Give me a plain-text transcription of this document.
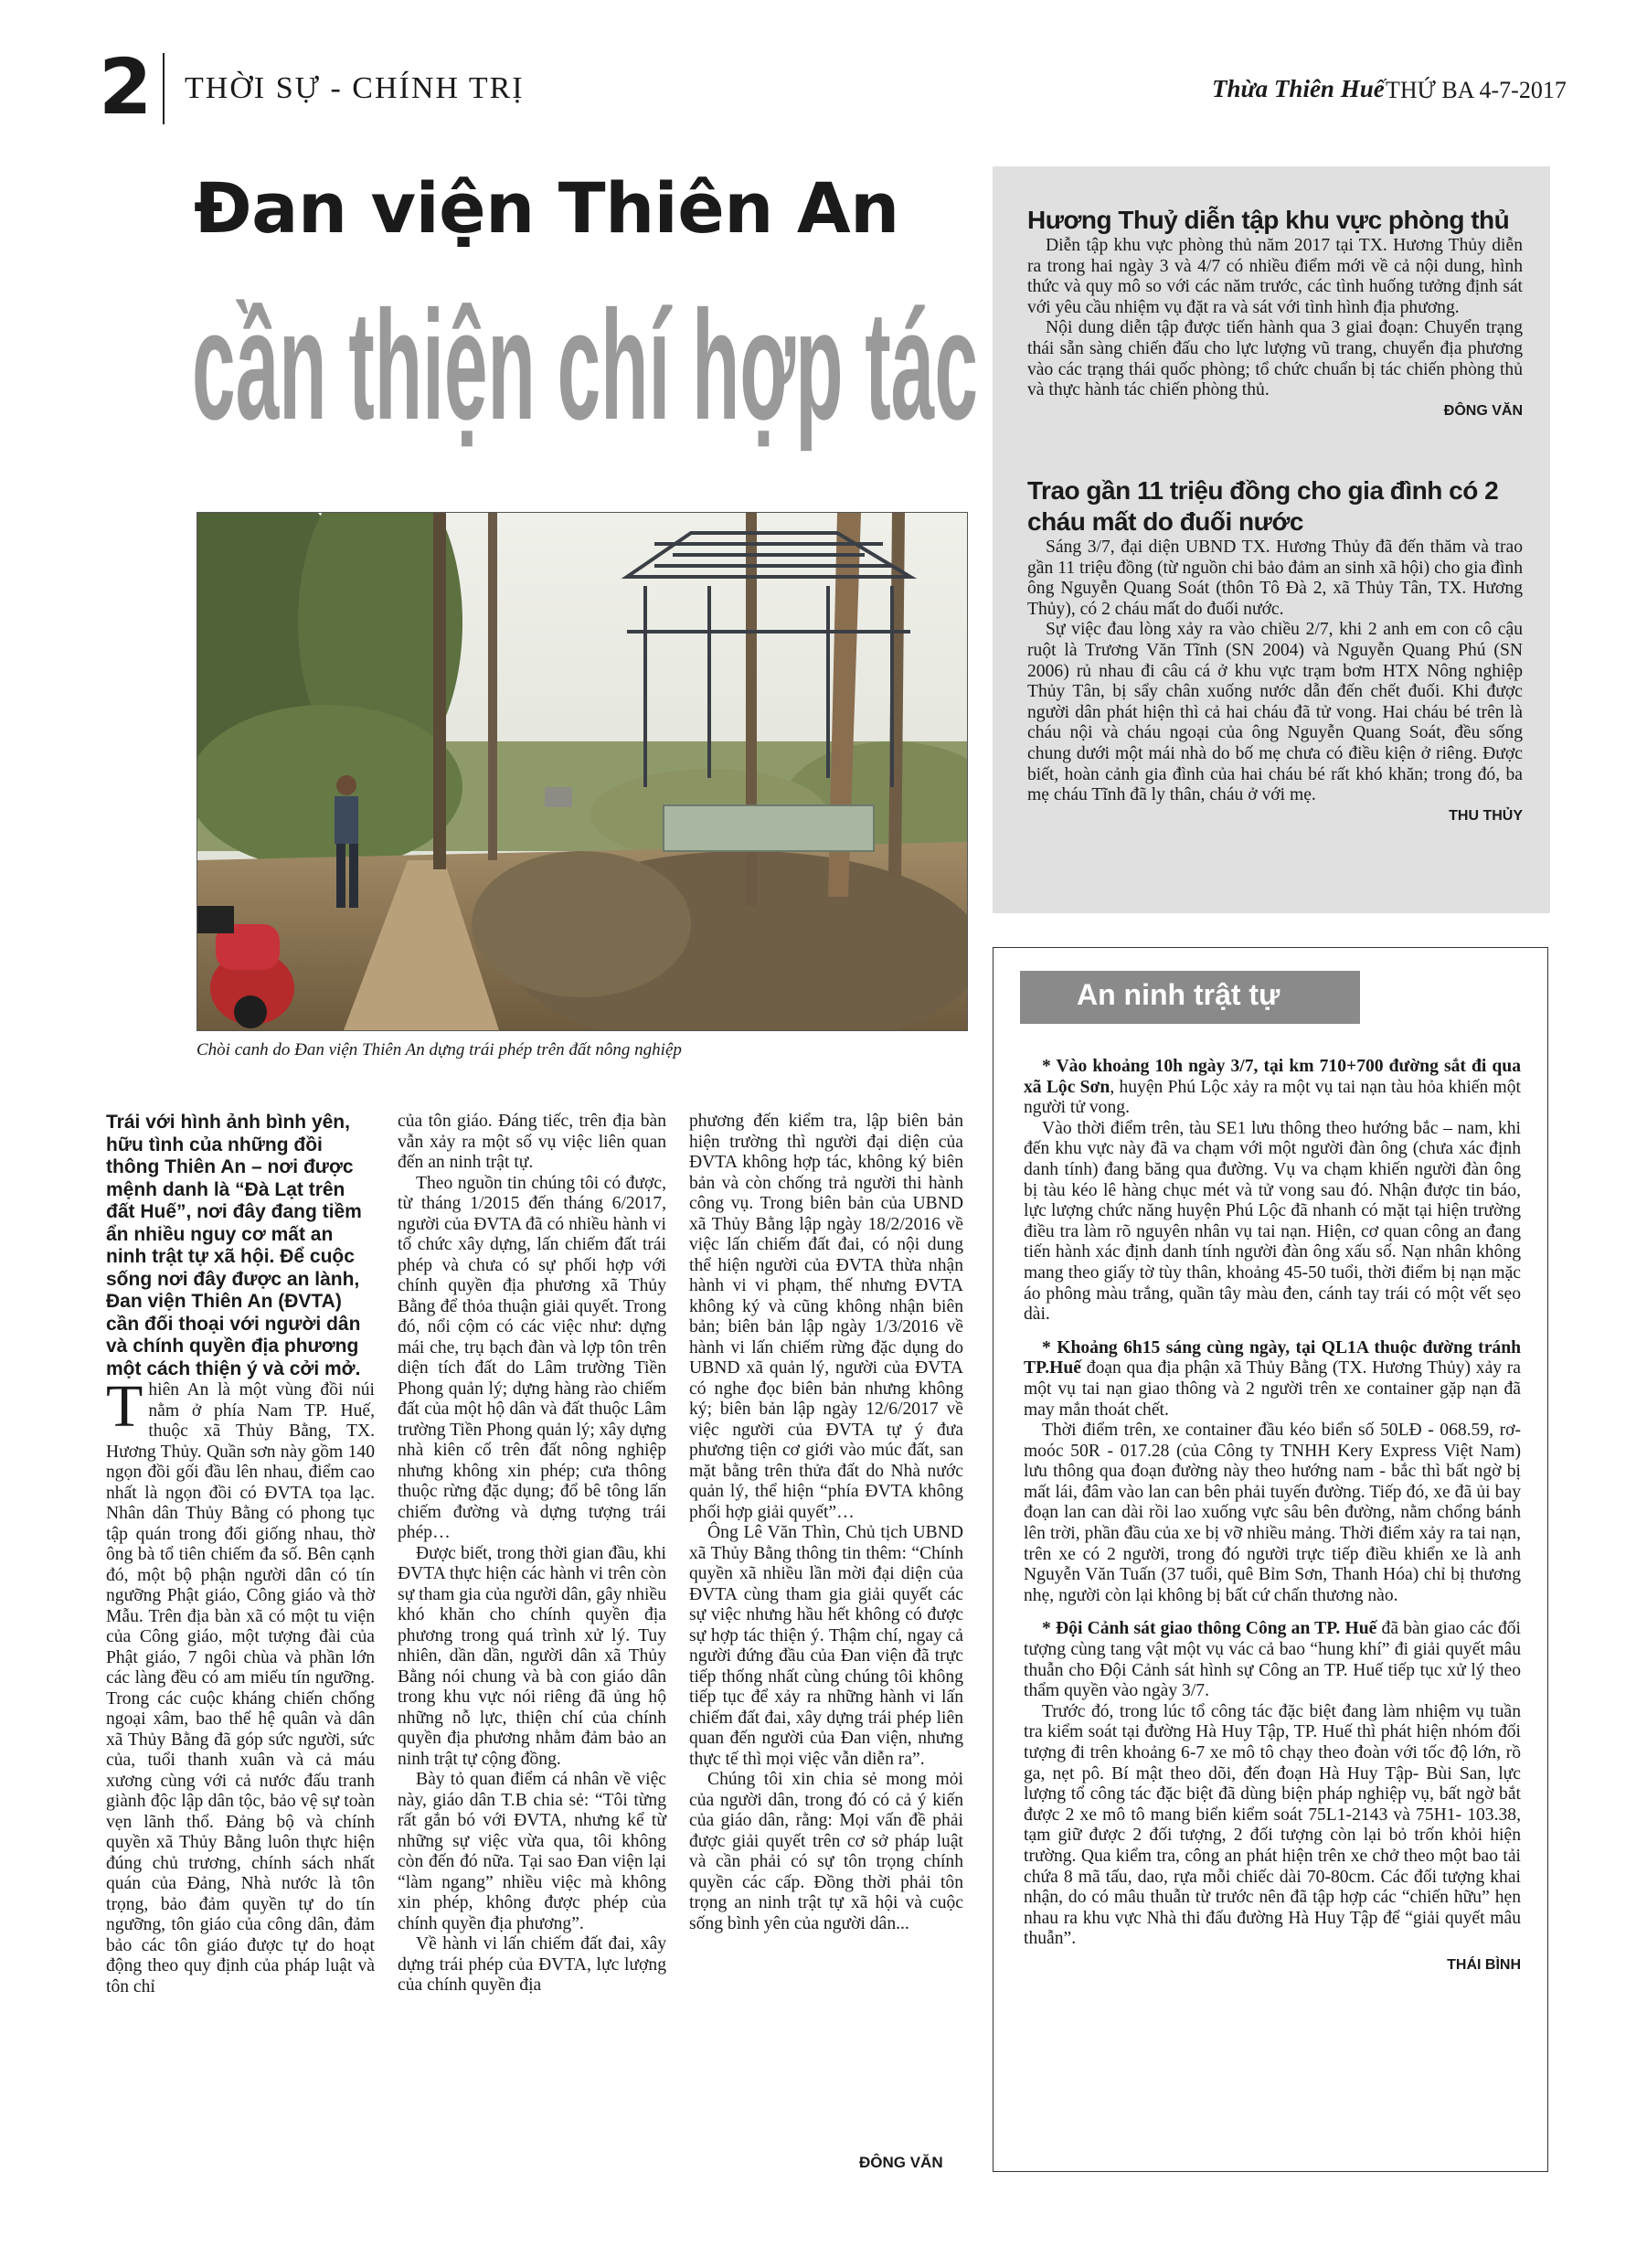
2 THỜI SỰ - CHÍNH TRỊ	Thừa Thiên Huế THỨ BA 4-7-2017
Đan viện Thiên An
cần thiện chí hợp tác
Chòi canh do Đan viện Thiên An dựng trái phép trên đất nông nghiệp

Trái với hình ảnh bình yên, hữu tình của những đồi thông Thiên An – nơi được mệnh danh là “Đà Lạt trên đất Huế”, nơi đây đang tiềm ẩn nhiều nguy cơ mất an ninh trật tự xã hội. Để cuộc sống nơi đây được an lành, Đan viện Thiên An (ĐVTA) cần đối thoại với người dân và chính quyền địa phương một cách thiện ý và cởi mở.

Thiên An là một vùng đồi núi nằm ở phía Nam TP. Huế, thuộc xã Thủy Bằng, TX. Hương Thủy. Quần sơn này gồm 140 ngọn đồi gối đầu lên nhau, điểm cao nhất là ngọn đồi có ĐVTA tọa lạc. Nhân dân Thủy Bằng có phong tục tập quán trong đối giống nhau, thờ ông bà tổ tiên chiếm đa số. Bên cạnh đó, một bộ phận người dân có tín ngưỡng Phật giáo, Công giáo và thờ Mẫu. Trên địa bàn xã có một tu viện của Công giáo, một tượng đài của Phật giáo, 7 ngôi chùa và phần lớn các làng đều có am miếu tín ngưỡng. Trong các cuộc kháng chiến chống ngoại xâm, bao thế hệ quân và dân xã Thủy Bằng đã góp sức người, sức của, tuổi thanh xuân và cả máu xương cùng với cả nước đấu tranh giành độc lập dân tộc, bảo vệ sự toàn vẹn lãnh thổ. Đảng bộ và chính quyền xã Thủy Bằng luôn thực hiện đúng chủ trương, chính sách nhất quán của Đảng, Nhà nước là tôn trọng, bảo đảm quyền tự do tín ngưỡng, tôn giáo của công dân, đảm bảo các tôn giáo được tự do hoạt động theo quy định của pháp luật và tôn chỉ

của tôn giáo. Đáng tiếc, trên địa bàn vẫn xảy ra một số vụ việc liên quan đến an ninh trật tự.

Theo nguồn tin chúng tôi có được, từ tháng 1/2015 đến tháng 6/2017, người của ĐVTA đã có nhiều hành vi tổ chức xây dựng, lấn chiếm đất trái phép và chưa có sự phối hợp với chính quyền địa phương xã Thủy Bằng để thỏa thuận giải quyết. Trong đó, nổi cộm có các việc như: dựng mái che, trụ bạch đàn và lợp tôn trên diện tích đất do Lâm trường Tiền Phong quản lý; dựng hàng rào chiếm đất của một hộ dân và đất thuộc Lâm trường Tiền Phong quản lý; xây dựng nhà kiên cố trên đất nông nghiệp nhưng không xin phép; cưa thông thuộc rừng đặc dụng; đổ bê tông lấn chiếm đường và dựng tượng trái phép…

Được biết, trong thời gian đầu, khi ĐVTA thực hiện các hành vi trên còn sự tham gia của người dân, gây nhiều khó khăn cho chính quyền địa phương trong quá trình xử lý. Tuy nhiên, dần dần, người dân xã Thủy Bằng nói chung và bà con giáo dân trong khu vực nói riêng đã ủng hộ những nỗ lực, thiện chí của chính quyền địa phương nhằm đảm bảo an ninh trật tự cộng đồng.

Bày tỏ quan điểm cá nhân về việc này, giáo dân T.B chia sẻ: “Tôi từng rất gắn bó với ĐVTA, nhưng kể từ những sự việc vừa qua, tôi không còn đến đó nữa. Tại sao Đan viện lại “làm ngang” nhiều việc mà không xin phép, không được phép của chính quyền địa phương”.

Về hành vi lấn chiếm đất đai, xây dựng trái phép của ĐVTA, lực lượng của chính quyền địa

phương đến kiểm tra, lập biên bản hiện trường thì người đại diện của ĐVTA không hợp tác, không ký biên bản và còn chống trả người thi hành công vụ. Trong biên bản của UBND xã Thủy Bằng lập ngày 18/2/2016 về việc lấn chiếm đất đai, có nội dung thể hiện người của ĐVTA thừa nhận hành vi vi phạm, thế nhưng ĐVTA không ký và cũng không nhận biên bản; biên bản lập ngày 1/3/2016 về hành vi lấn chiếm rừng đặc dụng do UBND xã quản lý, người của ĐVTA có nghe đọc biên bản nhưng không ký; biên bản lập ngày 12/6/2017 về việc người của ĐVTA tự ý đưa phương tiện cơ giới vào múc đất, san mặt bằng trên thửa đất do Nhà nước quản lý, thể hiện “phía ĐVTA không phối hợp giải quyết”…

Ông Lê Văn Thìn, Chủ tịch UBND xã Thủy Bằng thông tin thêm: “Chính quyền xã nhiều lần mời đại diện của ĐVTA cùng tham gia giải quyết các sự việc nhưng hầu hết không có được sự hợp tác thiện ý. Thậm chí, ngay cả người đứng đầu của Đan viện đã trực tiếp thống nhất cùng chúng tôi không tiếp tục để xảy ra những hành vi lấn chiếm đất đai, xây dựng trái phép liên quan đến người của Đan viện, nhưng thực tế thì mọi việc vẫn diễn ra”.

Chúng tôi xin chia sẻ mong mỏi của người dân, trong đó có cả ý kiến của giáo dân, rằng: Mọi vấn đề phải được giải quyết trên cơ sở pháp luật và cần phải có sự tôn trọng chính quyền các cấp. Đồng thời phải tôn trọng an ninh trật tự xã hội và cuộc sống bình yên của người dân...

ĐÔNG VĂN

Hương Thuỷ diễn tập khu vực phòng thủ

Diễn tập khu vực phòng thủ năm 2017 tại TX. Hương Thủy diễn ra trong hai ngày 3 và 4/7 có nhiều điểm mới về cả nội dung, hình thức và quy mô so với các năm trước, các tình huống tưởng định sát với yêu cầu nhiệm vụ đặt ra và sát với tình hình địa phương.

Nội dung diễn tập được tiến hành qua 3 giai đoạn: Chuyển trạng thái sẵn sàng chiến đấu cho lực lượng vũ trang, chuyển địa phương vào các trạng thái quốc phòng; tổ chức chuẩn bị tác chiến phòng thủ và thực hành tác chiến phòng thủ.

ĐÔNG VĂN

Trao gần 11 triệu đồng cho gia đình có 2 cháu mất do đuối nước

Sáng 3/7, đại diện UBND TX. Hương Thủy đã đến thăm và trao gần 11 triệu đồng (từ nguồn chi bảo đảm an sinh xã hội) cho gia đình ông Nguyễn Quang Soát (thôn Tô Đà 2, xã Thủy Tân, TX. Hương Thủy), có 2 cháu mất do đuối nước.

Sự việc đau lòng xảy ra vào chiều 2/7, khi 2 anh em con cô cậu ruột là Trương Văn Tĩnh (SN 2004) và Nguyễn Quang Phú (SN 2006) rủ nhau đi câu cá ở khu vực trạm bơm HTX Nông nghiệp Thủy Tân, bị sẩy chân xuống nước dẫn đến chết đuối. Khi được người dân phát hiện thì cả hai cháu đã tử vong. Hai cháu bé trên là cháu nội và cháu ngoại của ông Nguyễn Quang Soát, đều sống chung dưới một mái nhà do bố mẹ chưa có điều kiện ở riêng. Được biết, hoàn cảnh gia đình của hai cháu bé rất khó khăn; trong đó, ba mẹ cháu Tĩnh đã ly thân, cháu ở với mẹ.

THU THỦY

An ninh trật tự

* Vào khoảng 10h ngày 3/7, tại km 710+700 đường sắt đi qua xã Lộc Sơn, huyện Phú Lộc xảy ra một vụ tai nạn tàu hỏa khiến một người tử vong.

Vào thời điểm trên, tàu SE1 lưu thông theo hướng bắc – nam, khi đến khu vực này đã va chạm với một người đàn ông (chưa xác định danh tính) đang băng qua đường. Vụ va chạm khiến người đàn ông bị tàu kéo lê hàng chục mét và tử vong sau đó. Nhận được tin báo, lực lượng chức năng huyện Phú Lộc đã nhanh có mặt tại hiện trường điều tra làm rõ nguyên nhân vụ tai nạn. Hiện, cơ quan công an đang tiến hành xác định danh tính người đàn ông xấu số. Nạn nhân không mang theo giấy tờ tùy thân, khoảng 45-50 tuổi, thời điểm bị nạn mặc áo phông màu trắng, quần tây màu đen, cánh tay trái có một vết sẹo dài.

* Khoảng 6h15 sáng cùng ngày, tại QL1A thuộc đường tránh TP.Huế đoạn qua địa phận xã Thủy Bằng (TX. Hương Thủy) xảy ra một vụ tai nạn giao thông và 2 người trên xe container gặp nạn đã may mắn thoát chết.

Thời điểm trên, xe container đầu kéo biển số 50LĐ - 068.59, rơ-moóc 50R - 017.28 (của Công ty TNHH Kery Express Việt Nam) lưu thông qua đoạn đường này theo hướng nam - bắc thì bất ngờ bị mất lái, đâm vào lan can bên phải tuyến đường. Tiếp đó, xe đã ủi bay đoạn lan can dài rồi lao xuống vực sâu bên đường, nằm chổng bánh lên trời, phần đầu của xe bị vỡ nhiều mảng. Thời điểm xảy ra tai nạn, trên xe có 2 người, trong đó người trực tiếp điều khiển xe là anh Nguyễn Văn Tuấn (37 tuổi, quê Bỉm Sơn, Thanh Hóa) chỉ bị thương nhẹ, người còn lại không bị bất cứ chấn thương nào.

* Đội Cảnh sát giao thông Công an TP. Huế đã bàn giao các đối tượng cùng tang vật một vụ vác cả bao “hung khí” đi giải quyết mâu thuẫn cho Đội Cảnh sát hình sự Công an TP. Huế tiếp tục xử lý theo thẩm quyền vào ngày 3/7.

Trước đó, trong lúc tổ công tác đặc biệt đang làm nhiệm vụ tuần tra kiểm soát tại đường Hà Huy Tập, TP. Huế thì phát hiện nhóm đối tượng đi trên khoảng 6-7 xe mô tô chạy theo đoàn với tốc độ lớn, rồ ga, nẹt pô. Bí mật theo dõi, đến đoạn Hà Huy Tập- Bùi San, lực lượng tổ công tác đặc biệt đã dùng biện pháp nghiệp vụ, bất ngờ bắt được 2 xe mô tô mang biển kiểm soát 75L1-2143 và 75H1- 103.38, tạm giữ được 2 đối tượng, 2 đối tượng còn lại bỏ trốn khỏi hiện trường. Qua kiểm tra, công an phát hiện trên xe chở theo một bao tải chứa 8 mã tấu, dao, rựa mỗi chiếc dài 70-80cm. Các đối tượng khai nhận, do có mâu thuẫn từ trước nên đã tập hợp các “chiến hữu” hẹn nhau ra khu vực Nhà thi đấu đường Hà Huy Tập để “giải quyết mâu thuẫn”.

THÁI BÌNH
